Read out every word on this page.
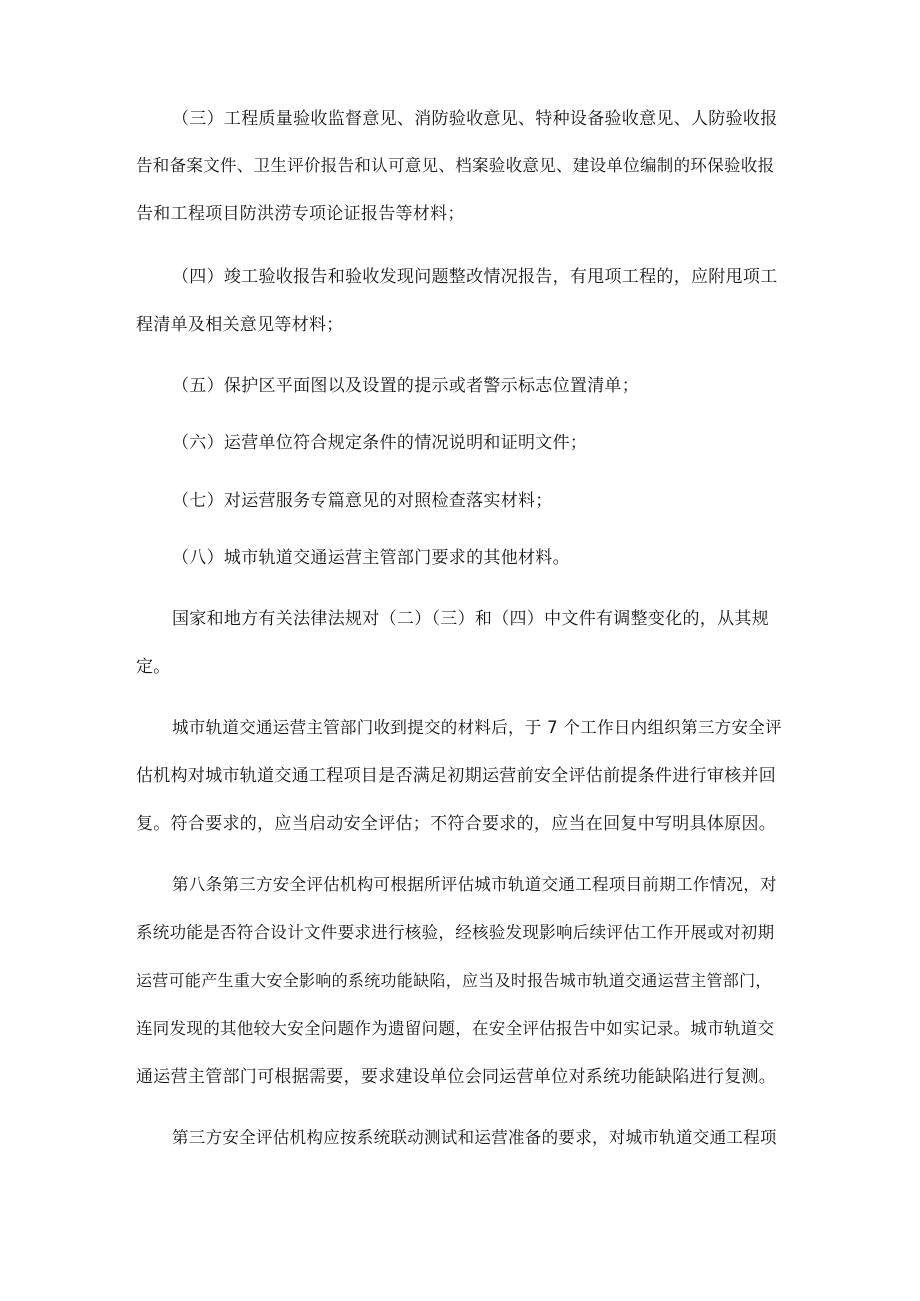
（三）工程质量验收监督意见、消防验收意见、特种设备验收意见、人防验收报
告和备案文件、卫生评价报告和认可意见、档案验收意见、建设单位编制的环保验收报
告和工程项目防洪涝专项论证报告等材料；
（四）竣工验收报告和验收发现问题整改情况报告，有甩项工程的，应附甩项工
程清单及相关意见等材料；
（五）保护区平面图以及设置的提示或者警示标志位置清单；
（六）运营单位符合规定条件的情况说明和证明文件；
（七）对运营服务专篇意见的对照检查落实材料；
（八）城市轨道交通运营主管部门要求的其他材料。
国家和地方有关法律法规对（二）（三）和（四）中文件有调整变化的，从其规
定。
城市轨道交通运营主管部门收到提交的材料后，于 7 个工作日内组织第三方安全评
估机构对城市轨道交通工程项目是否满足初期运营前安全评估前提条件进行审核并回
复。符合要求的，应当启动安全评估；不符合要求的，应当在回复中写明具体原因。
第八条第三方安全评估机构可根据所评估城市轨道交通工程项目前期工作情况，对
系统功能是否符合设计文件要求进行核验，经核验发现影响后续评估工作开展或对初期
运营可能产生重大安全影响的系统功能缺陷，应当及时报告城市轨道交通运营主管部门，
连同发现的其他较大安全问题作为遗留问题，在安全评估报告中如实记录。城市轨道交
通运营主管部门可根据需要，要求建设单位会同运营单位对系统功能缺陷进行复测。
第三方安全评估机构应按系统联动测试和运营准备的要求，对城市轨道交通工程项
